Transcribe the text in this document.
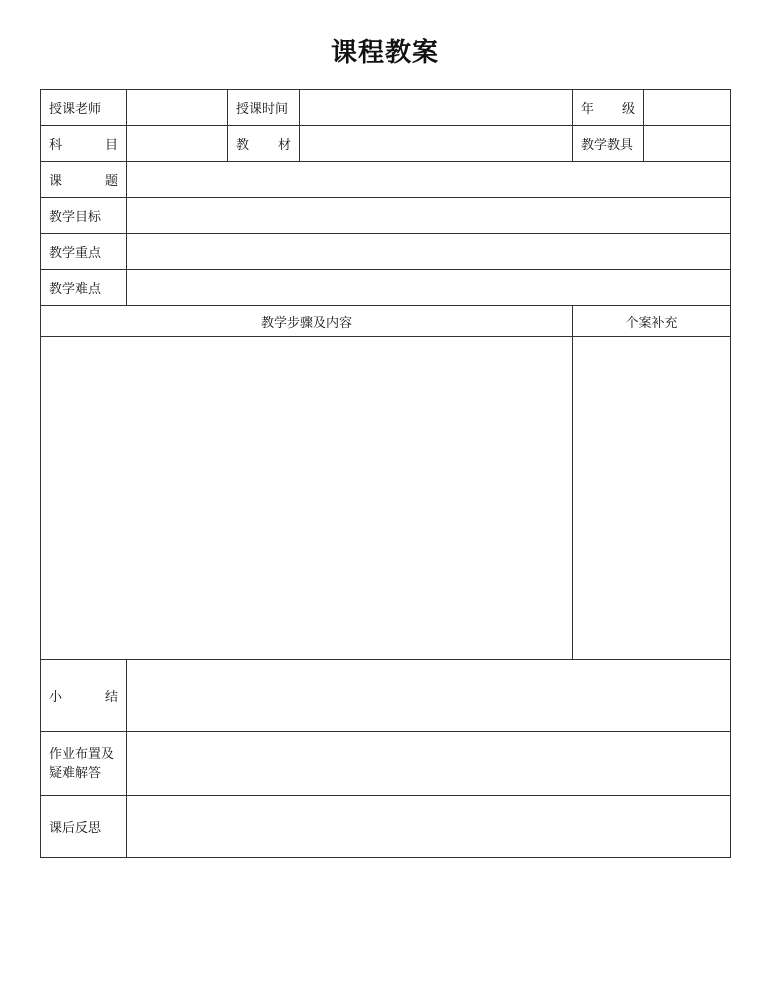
课程教案
授课老师		授课时间		年 级	

科 目		教 材		教学教具	

课 题					

教学目标					
教学重点					
教学难点					
教学步骤及内容				个案补充	

小 结					

作业布置及
疑难解答					

课后反思					
